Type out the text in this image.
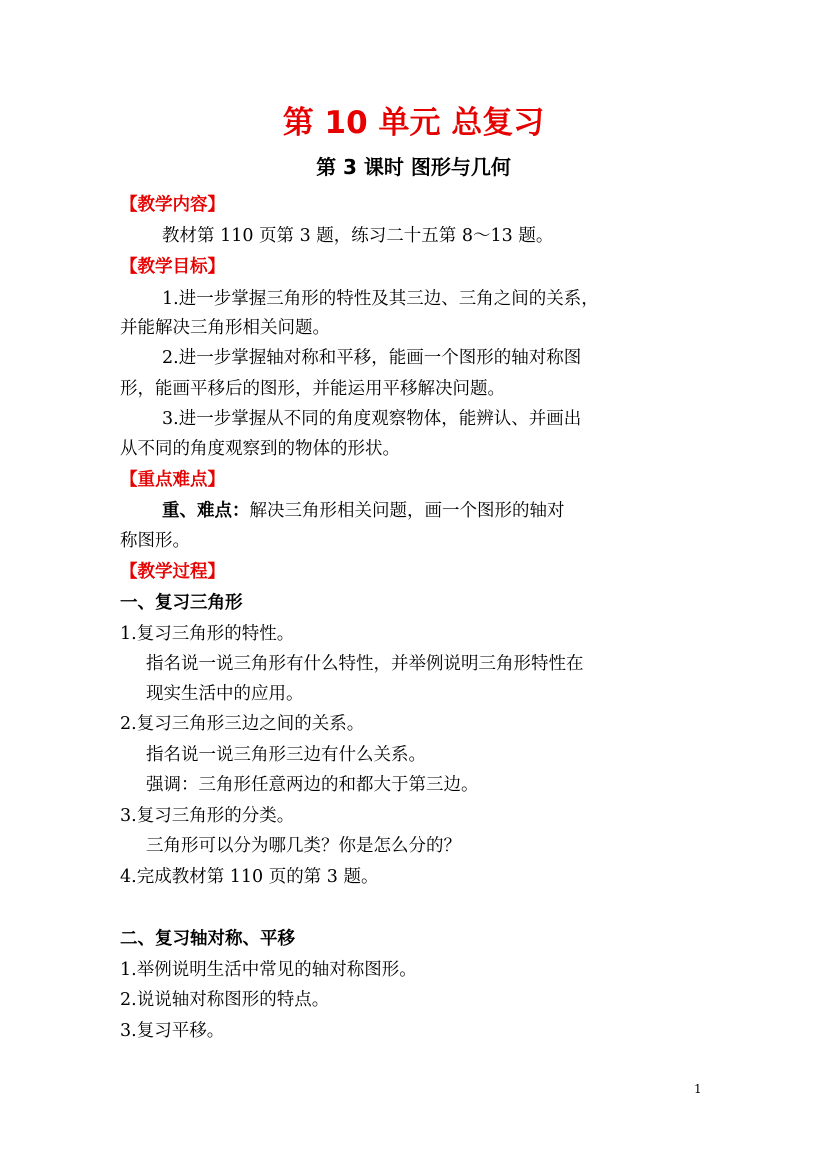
第 10 单元 总复习
第 3 课时 图形与几何
【教学内容】
教材第 110 页第 3 题，练习二十五第 8～13 题。
【教学目标】
1.进一步掌握三角形的特性及其三边、三角之间的关系，
并能解决三角形相关问题。
2.进一步掌握轴对称和平移，能画一个图形的轴对称图
形，能画平移后的图形，并能运用平移解决问题。
3.进一步掌握从不同的角度观察物体，能辨认、并画出
从不同的角度观察到的物体的形状。
【重点难点】
重、难点：解决三角形相关问题，画一个图形的轴对
称图形。
【教学过程】
一、复习三角形
1.复习三角形的特性。
指名说一说三角形有什么特性，并举例说明三角形特性在
现实生活中的应用。
2.复习三角形三边之间的关系。
指名说一说三角形三边有什么关系。
强调：三角形任意两边的和都大于第三边。
3.复习三角形的分类。
三角形可以分为哪几类？你是怎么分的？
4.完成教材第 110 页的第 3 题。
二、复习轴对称、平移
1.举例说明生活中常见的轴对称图形。
2.说说轴对称图形的特点。
3.复习平移。
1
